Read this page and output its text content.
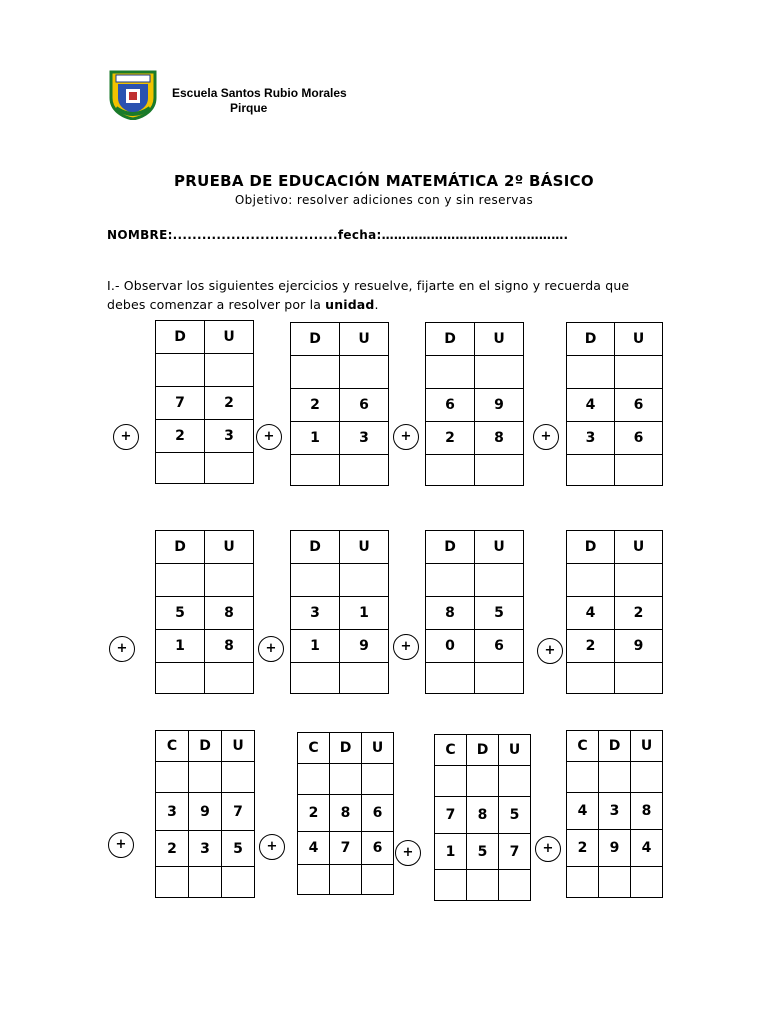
Escuela Santos Rubio Morales
Pirque
PRUEBA DE EDUCACIÓN MATEMÁTICA 2º BÁSICO
Objetivo: resolver adiciones con y sin reservas
NOMBRE:..................................fecha:…………………………..………….
I.- Observar los siguientes ejercicios y resuelve, fijarte en el signo y recuerda que debes comenzar a resolver por la unidad.
D	U

7	2
2	3

+
D	U

2	6
1	3

+
D	U

6	9
2	8

+
D	U

4	6
3	6

+
D	U

5	8
1	8

+
D	U

3	1
1	9

+
D	U

8	5
0	6

+
D	U

4	2
2	9

+
C	D	U

3	9	7
2	3	5

+
C	D	U

2	8	6
4	7	6

+
C	D	U

7	8	5
1	5	7

+
C	D	U

4	3	8
2	9	4

+
